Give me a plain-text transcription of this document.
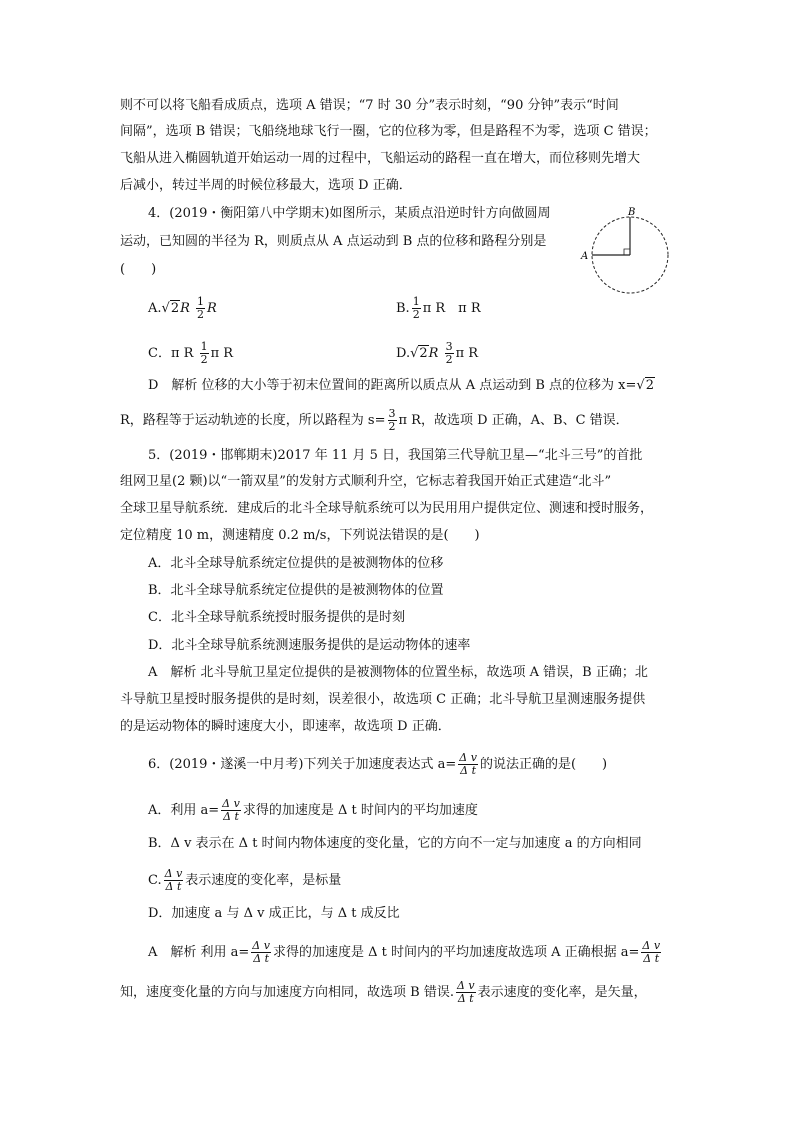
则不可以将飞船看成质点，选项 A 错误；“7 时 30 分”表示时刻，“90 分钟”表示“时间
间隔”，选项 B 错误；飞船绕地球飞行一圈，它的位移为零，但是路程不为零，选项 C 错误；
飞船从进入椭圆轨道开始运动一周的过程中，飞船运动的路程一直在增大，而位移则先增大
后减小，转过半周的时候位移最大，选项 D 正确．
4．(2019・衡阳第八中学期末)如图所示，某质点沿逆时针方向做圆周
运动，已知圆的半径为 R，则质点从 A 点运动到 B 点的位移和路程分别是
(　　)
A
B
$A.√2R \frac{1}{2}$ R	B. $\frac{1}{2}$ π R　π R
C．π R $\frac{1}{2}$ π R	$D.√2R \frac{3}{2}$ π R
D　解析 位移的大小等于初末位置间的距离所以质点从 A 点运动到 B 点的位移为 x=√2
R，路程等于运动轨迹的长度，所以路程为 $s= \frac{3}{2}$ π R，故选项 D 正确，A、B、C 错误．
5．(2019・邯郸期末)2017 年 11 月 5 日，我国第三代导航卫星—“北斗三号”的首批
组网卫星(2 颗)以“一箭双星”的发射方式顺利升空，它标志着我国开始正式建造“北斗”
全球卫星导航系统．建成后的北斗全球导航系统可以为民用用户提供定位、测速和授时服务，
定位精度 10 m，测速精度 0.2 m/s，下列说法错误的是(　　)
A．北斗全球导航系统定位提供的是被测物体的位移
B．北斗全球导航系统定位提供的是被测物体的位置
C．北斗全球导航系统授时服务提供的是时刻
D．北斗全球导航系统测速服务提供的是运动物体的速率
A　解析 北斗导航卫星定位提供的是被测物体的位置坐标，故选项 A 错误，B 正确；北
斗导航卫星授时服务提供的是时刻，误差很小，故选项 C 正确；北斗导航卫星测速服务提供
的是运动物体的瞬时速度大小，即速率，故选项 D 正确．
6．(2019・遂溪一中月考)下列关于加速度表达式 $a= \frac{\text{Δ v}}{\text{Δ t}}$ 的说法正确的是(　　)
A．利用 $a= \frac{\text{Δ v}}{\text{Δ t}}$ 求得的加速度是 Δ t 时间内的平均加速度
B．Δ v 表示在 Δ t 时间内物体速度的变化量，它的方向不一定与加速度 a 的方向相同
C. $\frac{\text{Δ v}}{\text{Δ t}}$ 表示速度的变化率，是标量
D．加速度 a 与 Δ v 成正比，与 Δ t 成反比
A　解析 利用 $a= \frac{\text{Δ v}}{\text{Δ t}}$ 求得的加速度是 Δ t 时间内的平均加速度故选项 A 正确根据 $a= \frac{\text{Δ v}}{\text{Δ t}}$
知，速度变化量的方向与加速度方向相同，故选项 B 错误. $\frac{\text{Δ v}}{\text{Δ t}}$ 表示速度的变化率，是矢量，
